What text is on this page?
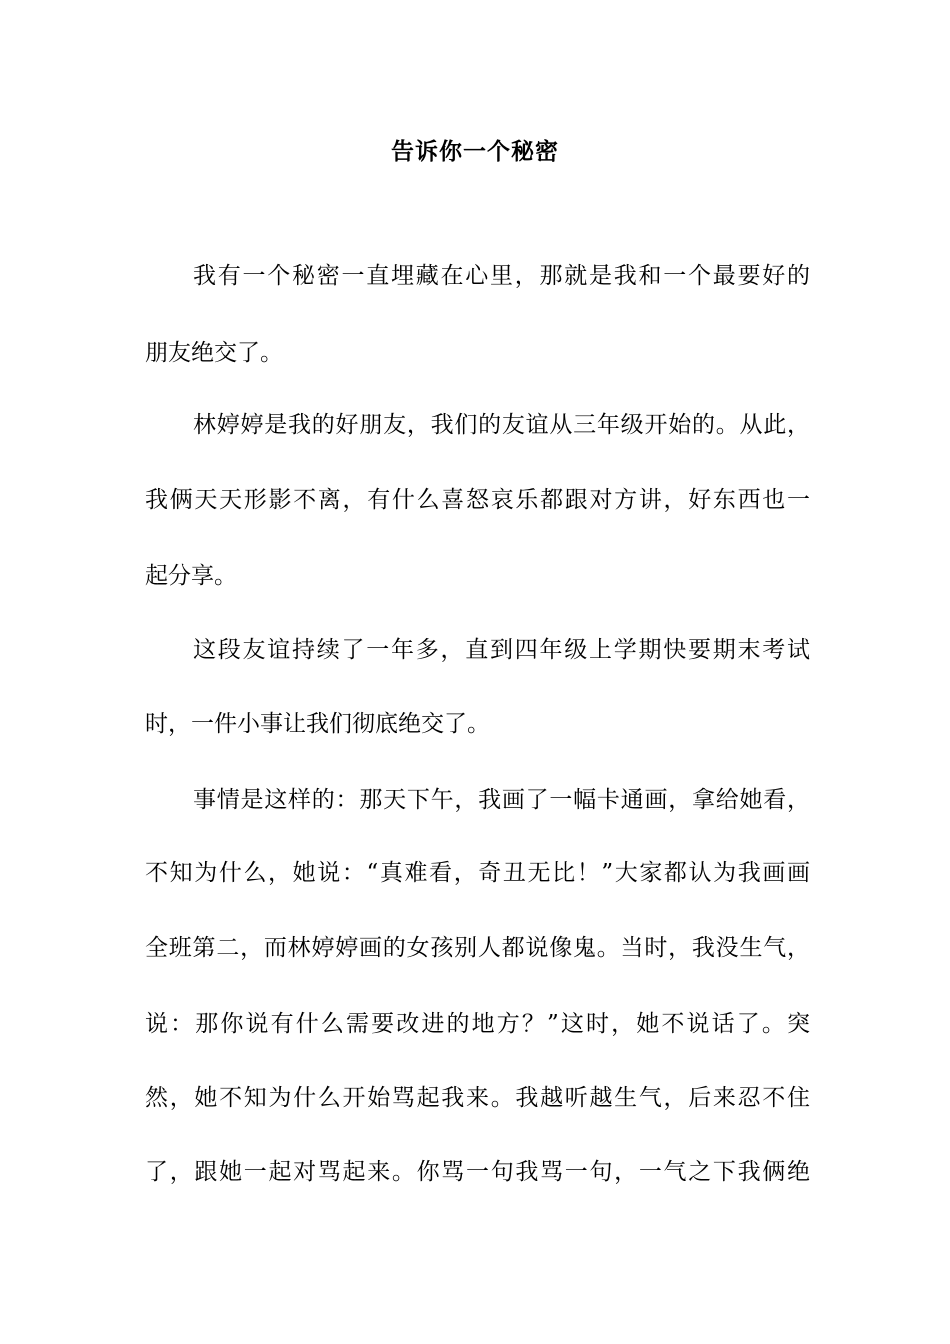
告诉你一个秘密
我有一个秘密一直埋藏在心里，那就是我和一个最要好的
朋友绝交了。
林婷婷是我的好朋友，我们的友谊从三年级开始的。从此，
我俩天天形影不离，有什么喜怒哀乐都跟对方讲，好东西也一
起分享。
这段友谊持续了一年多，直到四年级上学期快要期末考试
时，一件小事让我们彻底绝交了。
事情是这样的：那天下午，我画了一幅卡通画，拿给她看，
不知为什么，她说：“真难看，奇丑无比！”大家都认为我画画
全班第二，而林婷婷画的女孩别人都说像鬼。当时，我没生气，
说：那你说有什么需要改进的地方？”这时，她不说话了。突
然，她不知为什么开始骂起我来。我越听越生气，后来忍不住
了，跟她一起对骂起来。你骂一句我骂一句，一气之下我俩绝
